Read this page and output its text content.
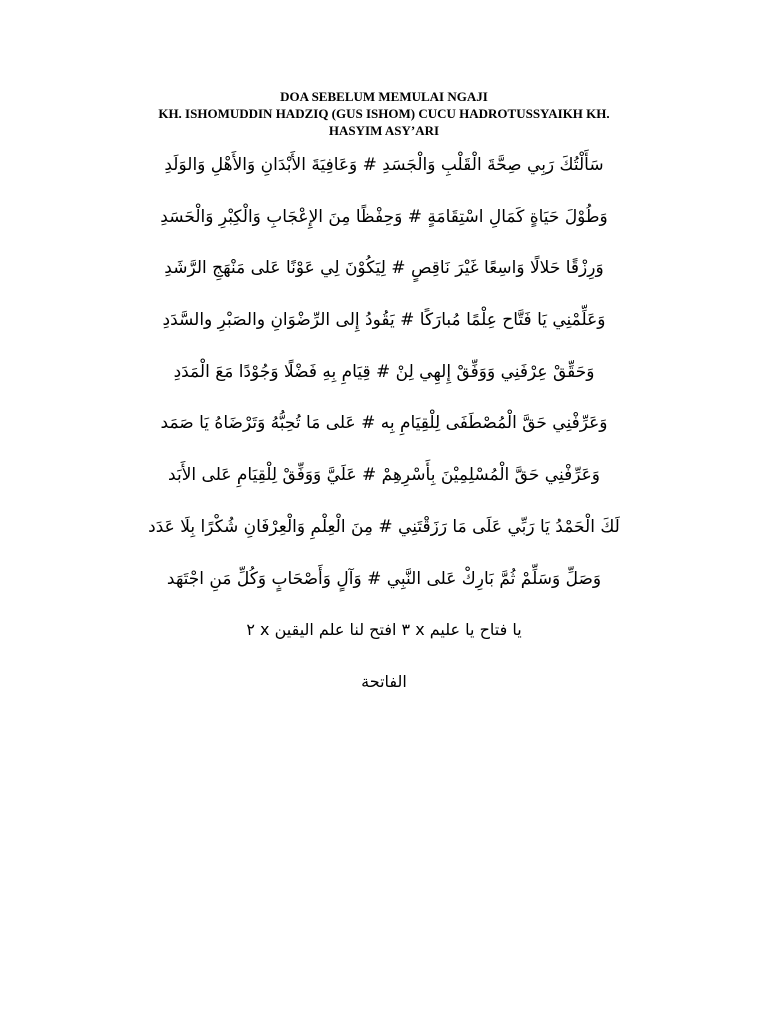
DOA SEBELUM MEMULAI NGAJI
KH. ISHOMUDDIN HADZIQ (GUS ISHOM) CUCU HADROTUSSYAIKH KH.
HASYIM ASY’ARI
سَأَلْتُكَ رَبِي صِحَّةَ الْقَلْبِ وَالْجَسَدِ # وَعَافِيَةَ الأَبْدَانِ وَالأَهْلِ وَالوَلَدِ
وَطُوْلَ حَيَاةٍ كَمَالِ اسْتِقَامَةٍ # وَحِفْظًا مِنَ الإِعْجَابِ وَالْكِبْرِ وَالْحَسَدِ
وَرِزْقًا حَلالًا وَاسِعًا غَيْرَ نَاقِصٍ # لِيَكُوْنَ لِي عَوْنًا عَلى مَنْهَجِ الرَّشَدِ
وَعَلِّمْنِي يَا فَتَّاح عِلْمًا مُبارَكًا # يَقُودُ إِلى الرِّضْوَانِ والصَبْرِ والسَّدَدِ
وَحَقِّقْ عِرْفَنِي وَوَفِّقْ إِلهِي لِنْ # قِيَامِ بِهِ فَضْلًا وَجُوْدًا مَعَ الْمَدَدِ
وَعَرِّفْنِي حَقَّ الْمُصْطَفَى لِلْقِيَامِ بِه # عَلى مَا تُحِبُّهُ وَتَرْضَاهُ يَا صَمَد
وَعَرِّفْنِي حَقَّ الْمُسْلِمِيْنَ بِأَسْرِهِمْ # عَلَيَّ وَوَفِّقْ لِلْقِيَامِ عَلى الأَبَد
لَكَ الْحَمْدُ يَا رَبِّي عَلَى مَا رَزَقْتَنِي # مِنَ الْعِلْمِ وَالْعِرْفَانِ شُكْرًا بِلَا عَدَد
وَصَلِّ وَسَلِّمْ ثُمَّ بَارِكْ عَلى النَّبِي # وَآلٍ وَأَصْحَابٍ وَكُلِّ مَنِ اجْتَهَد
يا فتاح يا عليم x ٣ افتح لنا علم اليقين x ٢
الفاتحة
